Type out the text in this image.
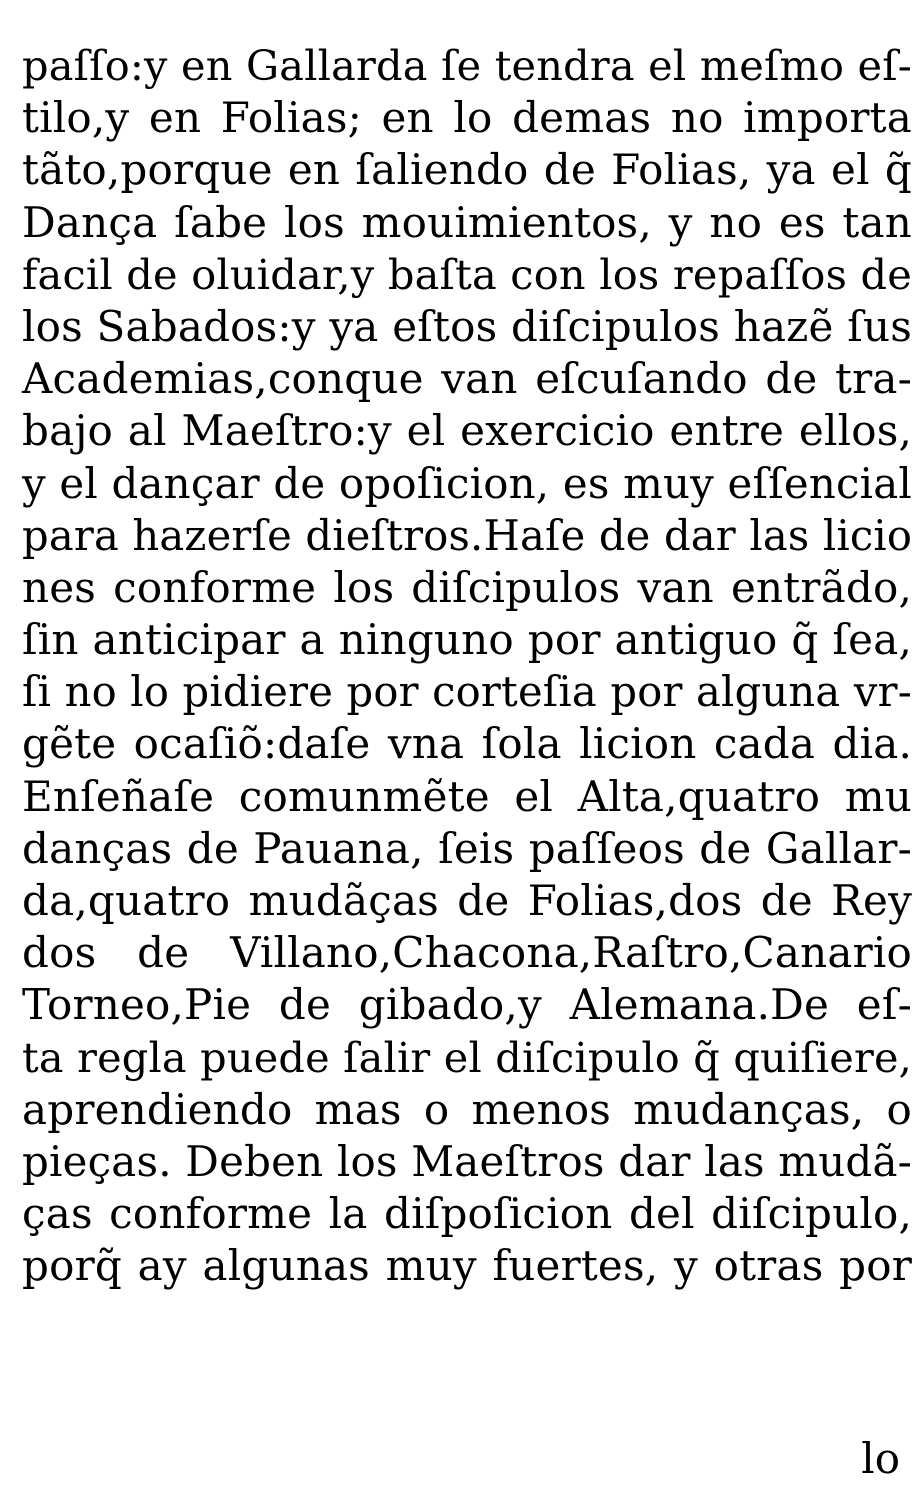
paſſo:y en Gallarda ſe tendra el meſmo eſ-
tilo,y en Folias; en lo demas no importa
tãto,porque en ſaliendo de Folias, ya el q̃
Dança ſabe los mouimientos, y no es tan
facil de oluidar,y baſta con los repaſſos de
los Sabados:y ya eſtos diſcipulos hazẽ ſus
Academias,conque van eſcuſando de tra-
bajo al Maeſtro:y el exercicio entre ellos,
y el dançar de opoſicion, es muy eſſencial
para hazerſe dieſtros.Haſe de dar las licio
nes conforme los diſcipulos van entrãdo,
ſin anticipar a ninguno por antiguo q̃ ſea,
ſi no lo pidiere por corteſia por alguna vr-
gẽte ocaſiõ:daſe vna ſola licion cada dia.
Enſeñaſe comunmẽte el Alta,quatro mu
danças de Pauana, ſeis paſſeos de Gallar-
da,quatro mudãças de Folias,dos de Rey
dos de Villano,Chacona,Raſtro,Canario
Torneo,Pie de gibado,y Alemana.De eſ-
ta regla puede ſalir el diſcipulo q̃ quiſiere,
aprendiendo mas o menos mudanças, o
pieças. Deben los Maeſtros dar las mudã-
ças conforme la diſpoſicion del diſcipulo,
porq̃ ay algunas muy fuertes, y otras por
lo
